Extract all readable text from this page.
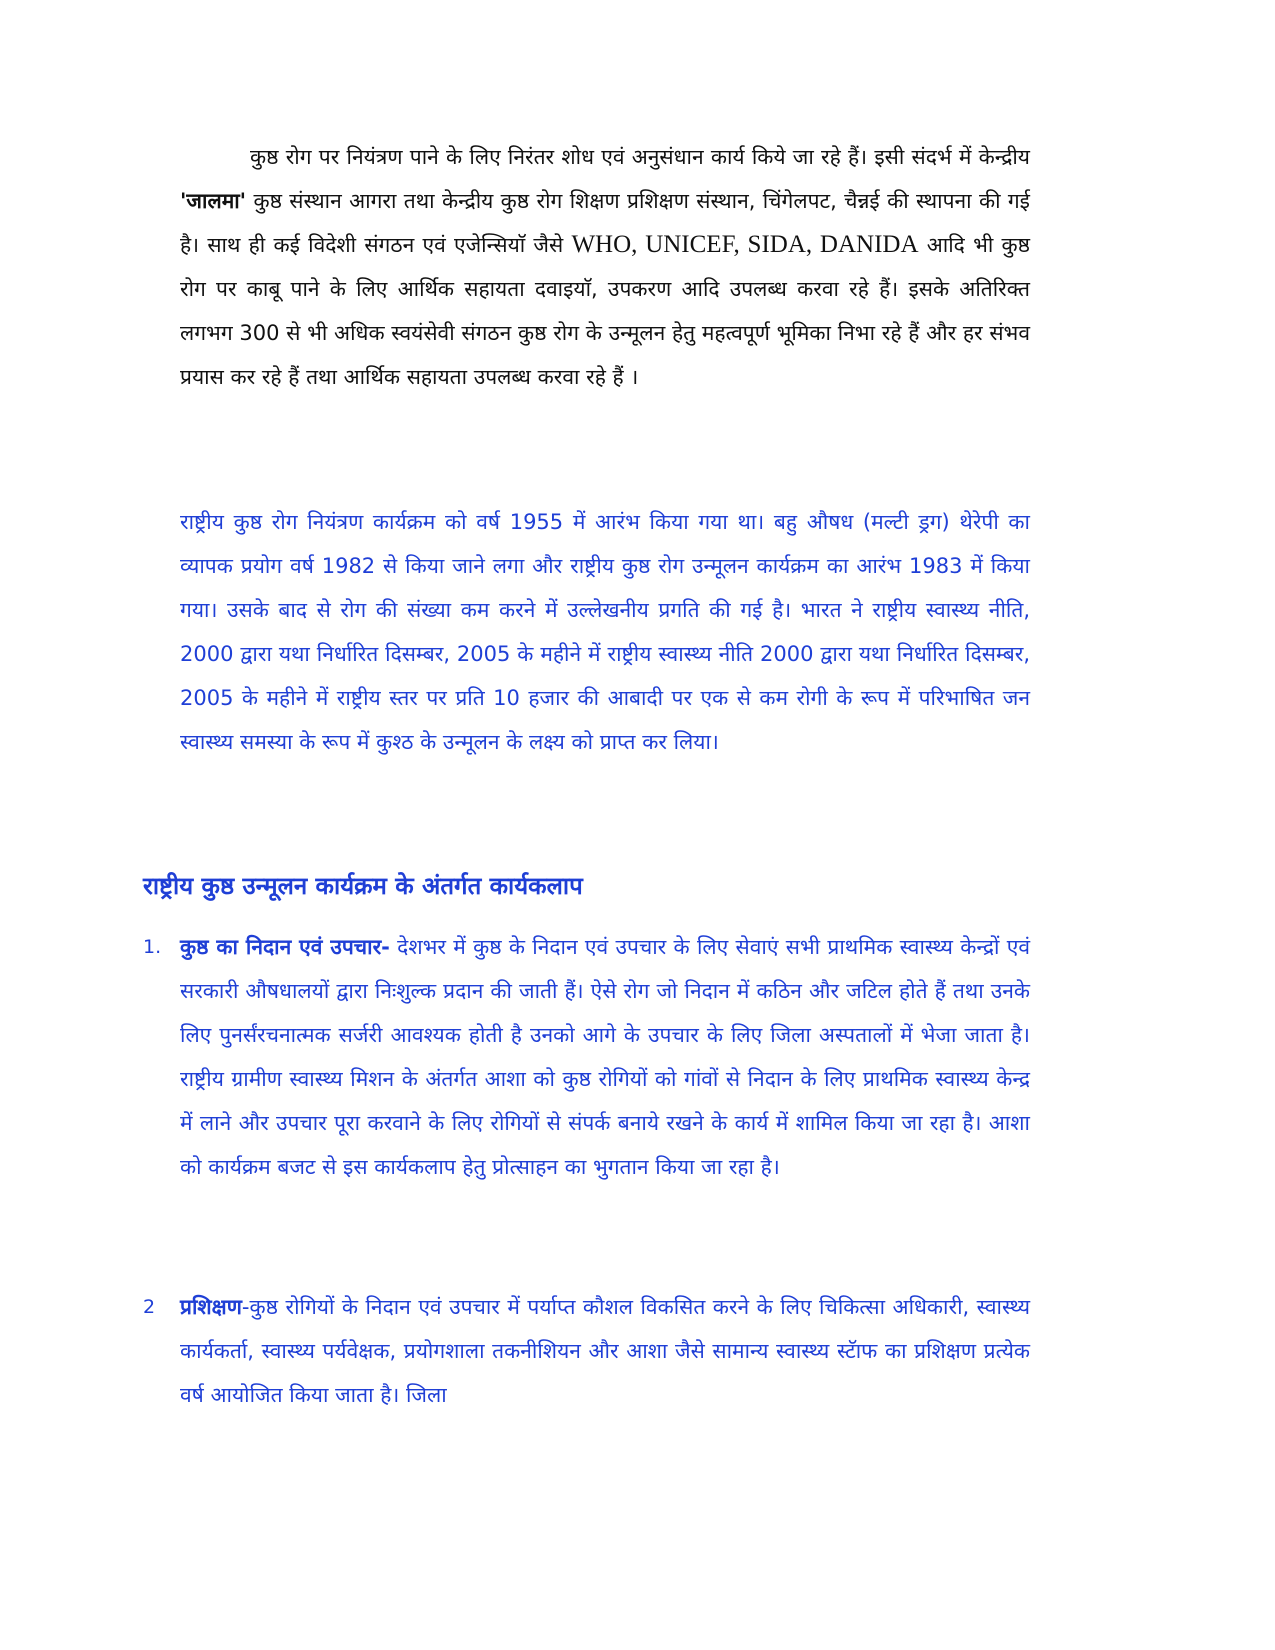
कुष्ठ रोग पर नियंत्रण पाने के लिए निरंतर शोध एवं अनुसंधान कार्य किये जा रहे हैं। इसी संदर्भ में केन्द्रीय 'जालमा' कुष्ठ संस्थान आगरा तथा केन्द्रीय कुष्ठ रोग शिक्षण प्रशिक्षण संस्थान, चिंगेलपट, चैन्नई की स्थापना की गई है। साथ ही कई विदेशी संगठन एवं एजेन्सियाॅ जैसे WHO, UNICEF, SIDA, DANIDA आदि भी कुष्ठ रोग पर काबू पाने के लिए आर्थिक सहायता दवाइयाॅ, उपकरण आदि उपलब्ध करवा रहे हैं। इसके अतिरिक्त लगभग 300 से भी अधिक स्वयंसेवी संगठन कुष्ठ रोग के उन्मूलन हेतु महत्वपूर्ण भूमिका निभा रहे हैं और हर संभव प्रयास कर रहे हैं तथा आर्थिक सहायता उपलब्ध करवा रहे हैं ।

राष्ट्रीय कुष्ठ रोग नियंत्रण कार्यक्रम को वर्ष 1955 में आरंभ किया गया था। बहु औषध (मल्टी ड्रग) थेरेपी का व्यापक प्रयोग वर्ष 1982 से किया जाने लगा और राष्ट्रीय कुष्ठ रोग उन्मूलन कार्यक्रम का आरंभ 1983 में किया गया। उसके बाद से रोग की संख्या कम करने में उल्लेखनीय प्रगति की गई है। भारत ने राष्ट्रीय स्वास्थ्य नीति, 2000 द्वारा यथा निर्धारित दिसम्बर, 2005 के महीने में राष्ट्रीय स्वास्थ्य नीति 2000 द्वारा यथा निर्धारित दिसम्बर, 2005 के महीने में राष्ट्रीय स्तर पर प्रति 10 हजार की आबादी पर एक से कम रोगी के रूप में परिभाषित जन स्वास्थ्य समस्या के रूप में कुश्ठ के उन्मूलन के लक्ष्य को प्राप्त कर लिया।

राष्ट्रीय कुष्ठ उन्मूलन कार्यक्रम के अंतर्गत कार्यकलाप
1. कुष्ठ का निदान एवं उपचार- देशभर में कुष्ठ के निदान एवं उपचार के लिए सेवाएं सभी प्राथमिक स्वास्थ्य केन्द्रों एवं सरकारी औषधालयों द्वारा निःशुल्क प्रदान की जाती हैं। ऐसे रोग जो निदान में कठिन और जटिल होते हैं तथा उनके लिए पुनर्संरचनात्मक सर्जरी आवश्यक होती है उनको आगे के उपचार के लिए जिला अस्पतालों में भेजा जाता है। राष्ट्रीय ग्रामीण स्वास्थ्य मिशन के अंतर्गत आशा को कुष्ठ रोगियों को गांवों से निदान के लिए प्राथमिक स्वास्थ्य केन्द्र में लाने और उपचार पूरा करवाने के लिए रोगियों से संपर्क बनाये रखने के कार्य में शामिल किया जा रहा है। आशा को कार्यक्रम बजट से इस कार्यकलाप हेतु प्रोत्साहन का भुगतान किया जा रहा है।

2 प्रशिक्षण-कुष्ठ रोगियों के निदान एवं उपचार में पर्याप्त कौशल विकसित करने के लिए चिकित्सा अधिकारी, स्वास्थ्य कार्यकर्ता, स्वास्थ्य पर्यवेक्षक, प्रयोगशाला तकनीशियन और आशा जैसे सामान्य स्वास्थ्य स्टॅाफ का प्रशिक्षण प्रत्येक वर्ष आयोजित किया जाता है। जिला
